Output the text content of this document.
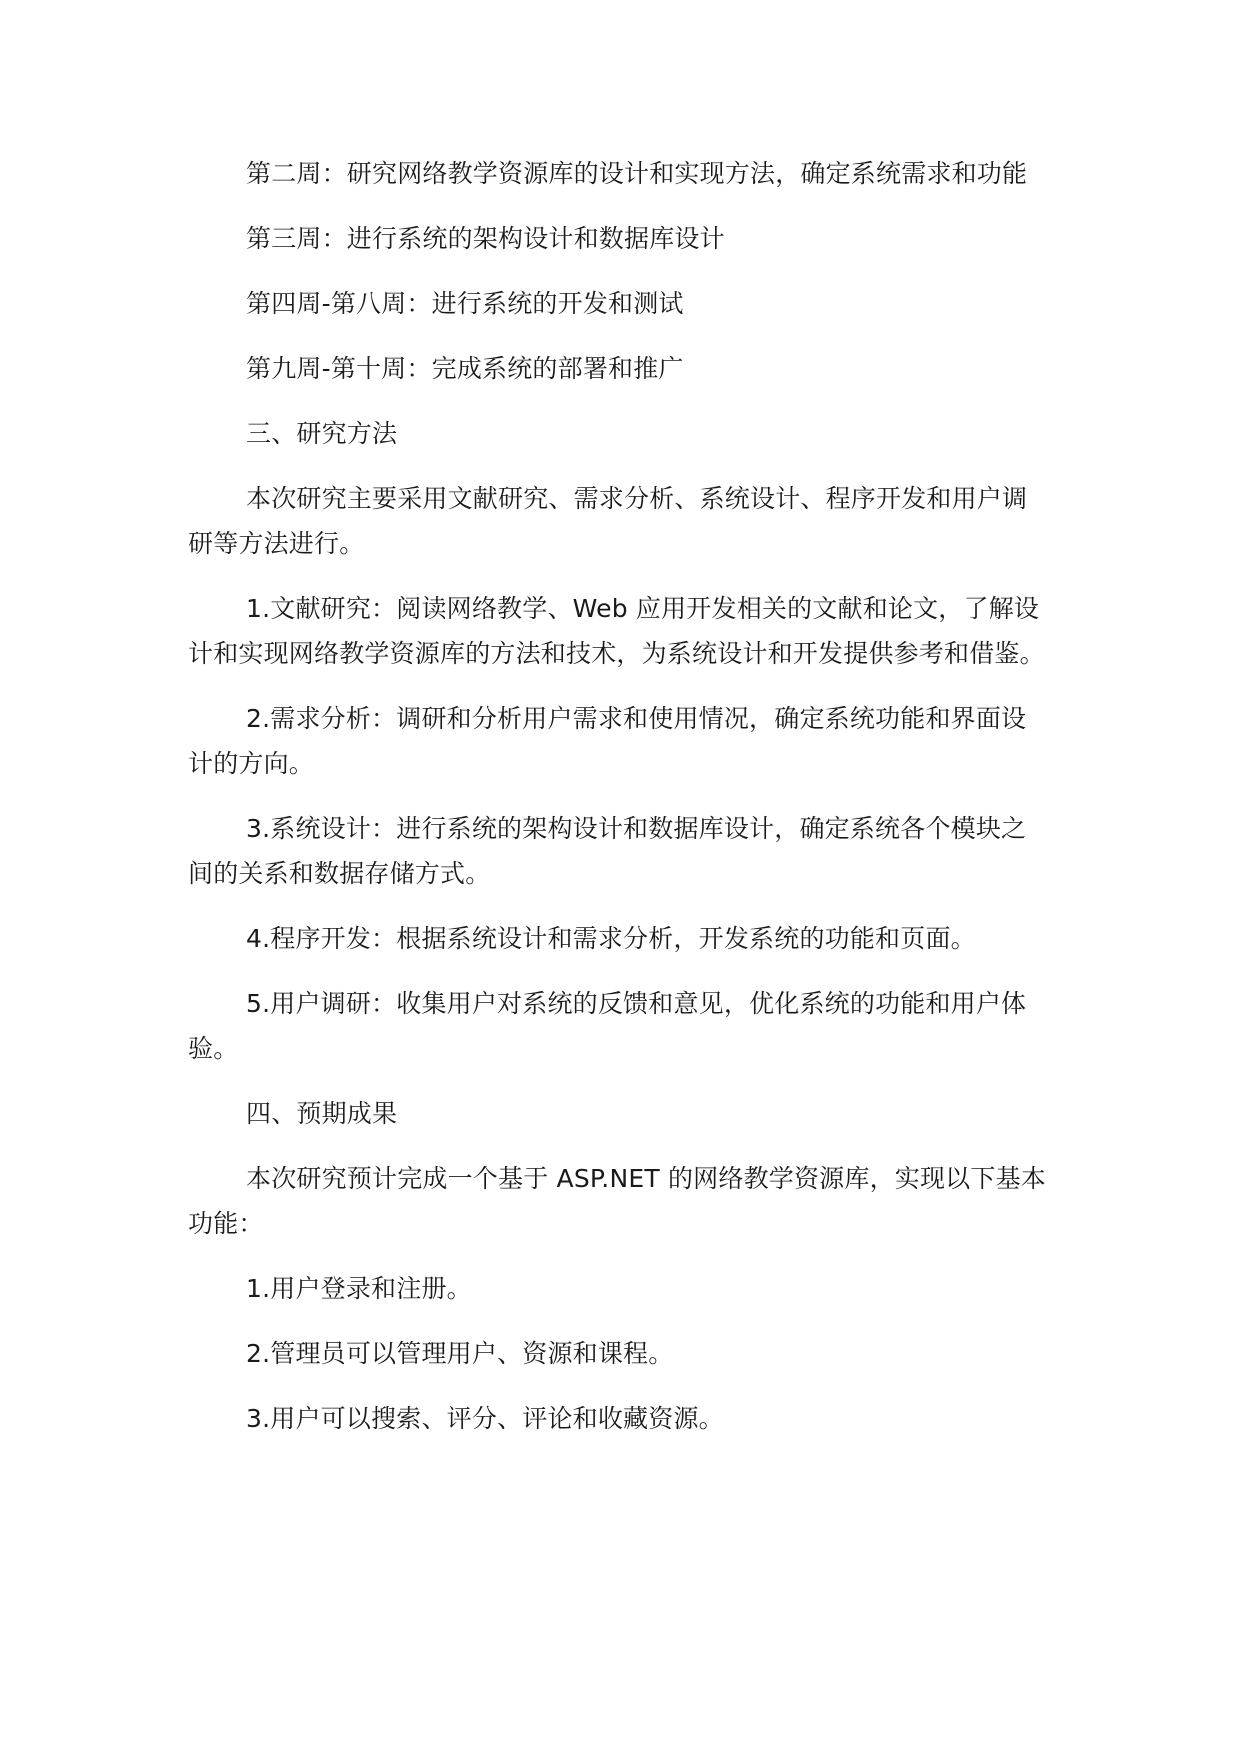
第二周：研究网络教学资源库的设计和实现方法，确定系统需求和功能

第三周：进行系统的架构设计和数据库设计

第四周-第八周：进行系统的开发和测试

第九周-第十周：完成系统的部署和推广

三、研究方法

本次研究主要采用文献研究、需求分析、系统设计、程序开发和用户调研等方法进行。

1.文献研究：阅读网络教学、Web 应用开发相关的文献和论文，了解设计和实现网络教学资源库的方法和技术，为系统设计和开发提供参考和借鉴。

2.需求分析：调研和分析用户需求和使用情况，确定系统功能和界面设计的方向。

3.系统设计：进行系统的架构设计和数据库设计，确定系统各个模块之间的关系和数据存储方式。

4.程序开发：根据系统设计和需求分析，开发系统的功能和页面。

5.用户调研：收集用户对系统的反馈和意见，优化系统的功能和用户体验。

四、预期成果

本次研究预计完成一个基于 ASP.NET 的网络教学资源库，实现以下基本功能：

1.用户登录和注册。

2.管理员可以管理用户、资源和课程。

3.用户可以搜索、评分、评论和收藏资源。
